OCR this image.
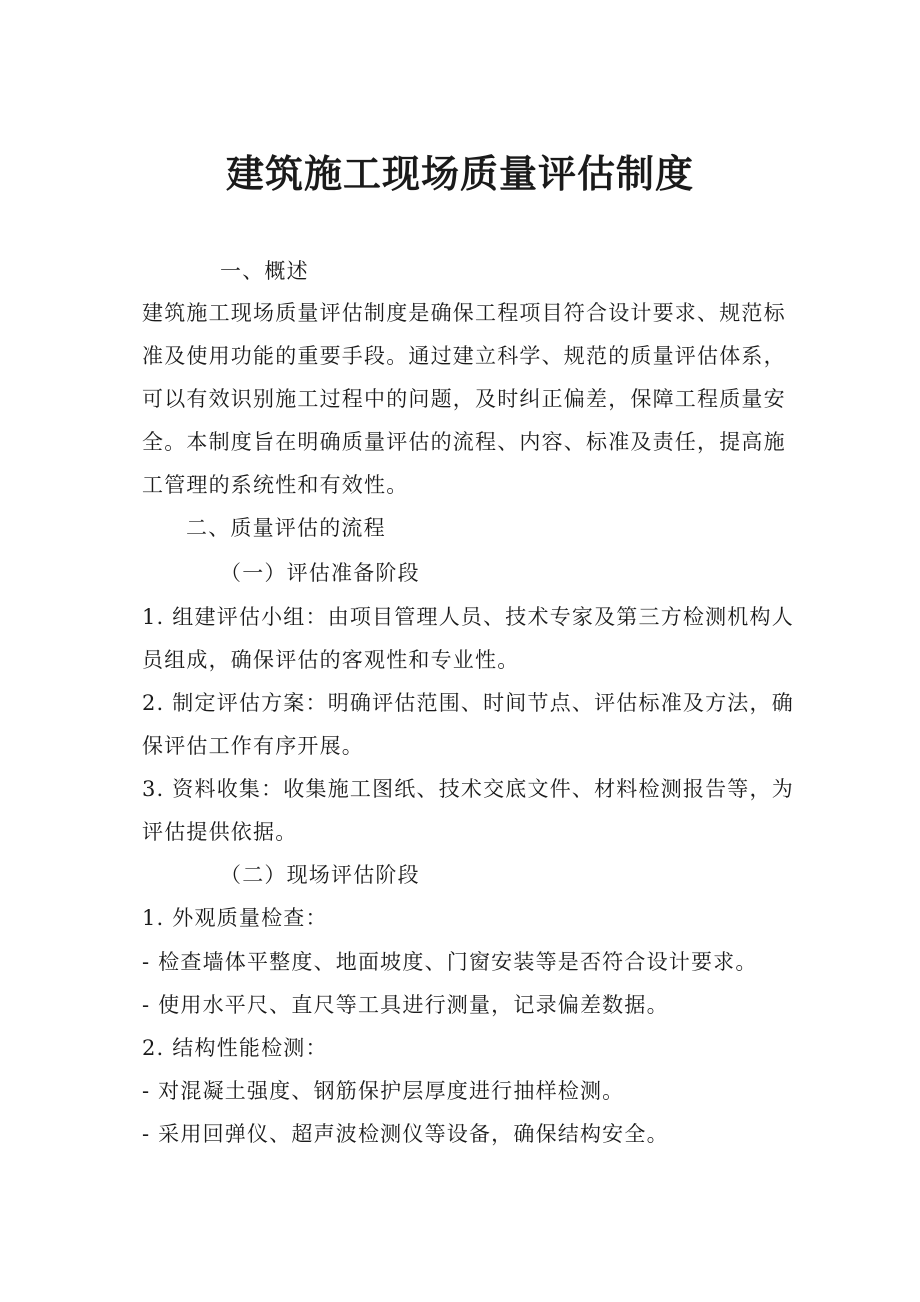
建筑施工现场质量评估制度

一、概述

建筑施工现场质量评估制度是确保工程项目符合设计要求、规范标

准及使用功能的重要手段。通过建立科学、规范的质量评估体系，

可以有效识别施工过程中的问题，及时纠正偏差，保障工程质量安

全。本制度旨在明确质量评估的流程、内容、标准及责任，提高施

工管理的系统性和有效性。

二、质量评估的流程

（一）评估准备阶段

1. 组建评估小组：由项目管理人员、技术专家及第三方检测机构人

员组成，确保评估的客观性和专业性。

2. 制定评估方案：明确评估范围、时间节点、评估标准及方法，确

保评估工作有序开展。

3. 资料收集：收集施工图纸、技术交底文件、材料检测报告等，为

评估提供依据。

（二）现场评估阶段

1. 外观质量检查：

- 检查墙体平整度、地面坡度、门窗安装等是否符合设计要求。

- 使用水平尺、直尺等工具进行测量，记录偏差数据。

2. 结构性能检测：

- 对混凝土强度、钢筋保护层厚度进行抽样检测。

- 采用回弹仪、超声波检测仪等设备，确保结构安全。
